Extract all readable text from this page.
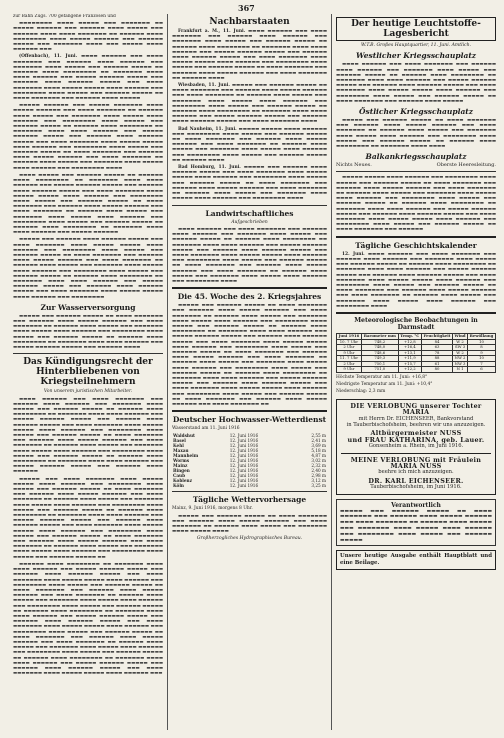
367
zur Bahn Zugs. 700 gefangene Franzosen und
▬▬▬▬▬▬▬▬ ▬▬▬▬ ▬▬▬▬▬ ▬▬▬ ▬▬▬▬▬▬▬ ▬▬ ▬▬▬▬▬ ▬▬▬▬▬▬ ▬▬▬ ▬▬▬▬▬▬ ▬▬▬▬ ▬▬▬▬▬ ▬▬▬ ▬▬▬▬▬▬ ▬▬▬▬ ▬▬▬▬ ▬▬▬▬▬▬▬ ▬▬ ▬▬▬▬▬▬ ▬▬▬▬ ▬▬▬▬▬▬▬▬ ▬▬▬▬ ▬▬▬▬▬ ▬▬▬▬▬▬ ▬▬▬ ▬▬▬▬▬▬ ▬▬▬▬▬ ▬▬▬ ▬▬▬▬▬▬▬ ▬▬▬▬ ▬▬▬ ▬▬▬▬▬ ▬▬▬▬ ▬▬▬▬▬▬ ▬▬▬
(Offenbach), 11. Juni. ▬▬▬▬ ▬▬▬▬▬▬ ▬▬▬ ▬▬▬▬ ▬▬▬▬▬▬▬ ▬▬▬ ▬▬▬▬▬▬ ▬▬▬▬ ▬▬▬▬▬▬ ▬▬▬ ▬▬▬▬▬▬▬ ▬▬▬▬ ▬▬▬▬▬ ▬▬▬ ▬▬▬▬▬▬ ▬▬▬▬▬ ▬▬ ▬▬▬▬▬▬ ▬▬▬▬ ▬▬▬▬▬▬▬▬ ▬▬ ▬▬▬▬▬▬▬ ▬▬▬▬ ▬▬▬▬ ▬▬▬▬▬▬ ▬▬▬ ▬▬▬▬▬ ▬▬▬▬▬▬ ▬▬▬▬▬ ▬▬▬ ▬▬▬▬▬▬ ▬▬▬▬ ▬▬▬▬▬▬ ▬▬▬▬▬ ▬▬▬ ▬▬▬▬ ▬▬▬▬▬▬▬ ▬▬▬▬ ▬▬▬▬▬ ▬▬▬▬▬ ▬▬▬▬ ▬▬▬▬▬▬ ▬▬▬ ▬▬▬▬▬▬▬▬ ▬▬▬▬ ▬▬▬▬▬ ▬▬▬ ▬▬▬▬▬▬ ▬▬▬▬▬ ▬▬ ▬▬▬▬ ▬▬▬▬▬▬▬ ▬▬▬ ▬▬▬▬▬▬ ▬▬▬▬ ▬▬▬▬▬
▬▬▬▬▬ ▬▬▬▬▬▬ ▬▬▬ ▬▬▬▬▬ ▬▬▬▬▬▬▬ ▬▬▬▬ ▬▬▬▬▬ ▬▬▬▬▬▬ ▬▬▬ ▬▬▬▬ ▬▬▬▬▬▬▬ ▬▬ ▬▬▬▬▬▬ ▬▬▬▬ ▬▬▬▬▬ ▬▬▬ ▬▬▬▬▬▬▬ ▬▬▬▬ ▬▬▬▬▬ ▬▬▬▬ ▬▬▬▬▬▬ ▬▬▬ ▬▬▬▬▬▬▬▬ ▬▬▬▬ ▬▬▬▬▬ ▬▬▬ ▬▬▬▬▬▬ ▬▬▬▬▬ ▬▬ ▬▬▬▬▬▬ ▬▬▬▬ ▬▬▬▬▬▬▬▬ ▬▬ ▬▬▬▬▬▬▬ ▬▬▬▬ ▬▬▬▬ ▬▬▬▬▬▬ ▬▬▬ ▬▬▬▬▬ ▬▬▬▬▬▬ ▬▬▬▬▬ ▬▬▬ ▬▬▬▬▬▬ ▬▬▬▬ ▬▬▬▬▬▬ ▬▬▬▬▬ ▬▬▬ ▬▬▬▬ ▬▬▬▬▬▬▬ ▬▬▬▬ ▬▬▬▬▬ ▬▬▬▬▬ ▬▬▬▬ ▬▬▬▬▬▬ ▬▬▬ ▬▬▬▬▬▬▬▬ ▬▬▬▬ ▬▬▬▬▬ ▬▬▬ ▬▬▬▬▬▬ ▬▬▬▬▬ ▬▬ ▬▬▬▬ ▬▬▬▬▬▬▬ ▬▬▬ ▬▬▬▬▬▬ ▬▬▬▬ ▬▬▬▬▬ ▬▬▬▬▬▬ ▬▬▬ ▬▬▬▬ ▬▬▬▬▬▬▬ ▬▬ ▬▬▬▬▬▬ ▬▬▬▬ ▬▬▬▬▬ ▬▬▬ ▬▬▬▬▬▬▬ ▬▬▬▬ ▬▬▬▬▬ ▬▬▬▬ ▬▬▬▬▬▬ ▬▬▬ ▬▬▬▬▬▬▬▬ ▬▬▬▬
▬▬▬▬ ▬▬▬▬▬ ▬▬▬ ▬▬▬▬▬▬ ▬▬▬▬▬ ▬▬ ▬▬▬▬▬▬ ▬▬▬▬ ▬▬▬▬▬▬▬▬ ▬▬ ▬▬▬▬▬▬▬ ▬▬▬▬ ▬▬▬▬ ▬▬▬▬▬▬ ▬▬▬ ▬▬▬▬▬ ▬▬▬▬▬▬ ▬▬▬▬▬ ▬▬▬ ▬▬▬▬▬▬ ▬▬▬▬ ▬▬▬▬▬▬ ▬▬▬▬▬ ▬▬▬ ▬▬▬▬ ▬▬▬▬▬▬▬ ▬▬▬▬ ▬▬▬▬▬ ▬▬▬▬▬ ▬▬▬▬ ▬▬▬▬▬▬ ▬▬▬ ▬▬▬▬▬▬▬▬ ▬▬▬▬ ▬▬▬▬▬ ▬▬▬ ▬▬▬▬▬▬ ▬▬▬▬▬ ▬▬ ▬▬▬▬ ▬▬▬▬▬▬▬ ▬▬▬ ▬▬▬▬▬▬ ▬▬▬▬ ▬▬▬▬▬ ▬▬▬▬▬▬ ▬▬▬ ▬▬▬▬ ▬▬▬▬▬▬▬ ▬▬ ▬▬▬▬▬▬ ▬▬▬▬ ▬▬▬▬▬ ▬▬▬ ▬▬▬▬▬▬▬ ▬▬▬▬ ▬▬▬▬▬ ▬▬▬▬ ▬▬▬▬▬▬ ▬▬▬ ▬▬▬▬▬▬▬▬ ▬▬▬▬ ▬▬▬▬▬ ▬▬▬ ▬▬▬▬▬▬ ▬▬▬▬▬ ▬▬ ▬▬▬▬▬▬ ▬▬▬▬ ▬▬▬▬▬▬▬▬ ▬▬ ▬▬▬▬▬▬▬ ▬▬▬▬ ▬▬▬▬ ▬▬▬▬▬▬ ▬▬▬ ▬▬▬▬▬ ▬▬▬▬▬▬
▬▬▬▬▬ ▬▬▬ ▬▬▬▬▬▬ ▬▬▬▬ ▬▬▬▬▬▬ ▬▬▬▬▬ ▬▬▬ ▬▬▬▬ ▬▬▬▬▬▬▬ ▬▬▬▬ ▬▬▬▬▬ ▬▬▬▬▬ ▬▬▬▬ ▬▬▬▬▬▬ ▬▬▬ ▬▬▬▬▬▬▬▬ ▬▬▬▬ ▬▬▬▬▬ ▬▬▬ ▬▬▬▬▬▬ ▬▬▬▬▬ ▬▬ ▬▬▬▬ ▬▬▬▬▬▬▬ ▬▬▬ ▬▬▬▬▬▬ ▬▬▬▬ ▬▬▬▬▬ ▬▬▬▬▬▬ ▬▬▬ ▬▬▬▬ ▬▬▬▬▬▬▬ ▬▬ ▬▬▬▬▬▬ ▬▬▬▬ ▬▬▬▬▬ ▬▬▬ ▬▬▬▬▬▬▬ ▬▬▬▬ ▬▬▬▬▬ ▬▬▬▬ ▬▬▬▬▬▬ ▬▬▬ ▬▬▬▬▬▬▬▬ ▬▬▬▬ ▬▬▬▬▬ ▬▬▬ ▬▬▬▬▬▬ ▬▬▬▬▬ ▬▬ ▬▬▬▬▬▬ ▬▬▬▬ ▬▬▬▬▬▬▬▬ ▬▬ ▬▬▬▬▬▬▬ ▬▬▬▬ ▬▬▬▬ ▬▬▬▬▬▬ ▬▬▬ ▬▬▬▬▬ ▬▬▬▬▬▬ ▬▬▬▬▬ ▬▬▬ ▬▬▬▬▬▬ ▬▬▬▬ ▬▬▬▬▬▬ ▬▬▬▬▬ ▬▬▬ ▬▬▬▬ ▬▬▬▬▬▬▬ ▬▬▬▬ ▬▬▬▬▬ ▬▬▬▬▬ ▬▬▬▬ ▬▬▬▬▬▬ ▬▬▬ ▬▬▬▬▬▬▬▬
Zur Wasserversorgung
▬▬▬▬▬ ▬▬▬ ▬▬▬▬▬▬ ▬▬▬▬▬ ▬▬ ▬▬▬▬ ▬▬▬▬▬▬▬ ▬▬▬ ▬▬▬▬▬▬ ▬▬▬▬ ▬▬▬▬▬ ▬▬▬▬▬▬ ▬▬▬ ▬▬▬▬ ▬▬▬▬▬▬▬ ▬▬ ▬▬▬▬▬▬ ▬▬▬▬ ▬▬▬▬▬ ▬▬▬ ▬▬▬▬▬▬▬ ▬▬▬▬ ▬▬▬▬▬ ▬▬▬▬ ▬▬▬▬▬▬ ▬▬▬ ▬▬▬▬▬▬▬▬ ▬▬▬▬ ▬▬▬▬▬ ▬▬▬ ▬▬▬▬▬▬ ▬▬▬▬▬ ▬▬ ▬▬▬▬▬▬ ▬▬▬▬ ▬▬▬▬▬▬▬▬ ▬▬ ▬▬▬▬▬▬▬ ▬▬▬▬ ▬▬▬▬ ▬▬▬▬▬▬ ▬▬▬ ▬▬▬▬▬ ▬▬▬▬▬▬ ▬▬▬▬▬ ▬▬▬ ▬▬▬▬▬▬ ▬▬▬▬
Das Kündigungsrecht der Hinterbliebenen von Kriegsteilnehmern
Von unserem juristischen Mitarbeiter.
▬▬▬▬ ▬▬▬▬▬▬ ▬▬▬ ▬▬▬▬ ▬▬▬▬▬▬▬ ▬▬▬ ▬▬▬▬▬▬ ▬▬▬▬ ▬▬▬▬▬▬ ▬▬▬ ▬▬▬▬▬▬▬ ▬▬▬▬ ▬▬▬▬▬ ▬▬▬ ▬▬▬▬▬▬ ▬▬▬▬▬ ▬▬ ▬▬▬▬▬▬ ▬▬▬▬ ▬▬▬▬▬▬▬▬ ▬▬ ▬▬▬▬▬▬▬ ▬▬▬▬ ▬▬▬▬ ▬▬▬▬▬▬ ▬▬▬ ▬▬▬▬▬ ▬▬▬▬▬▬ ▬▬▬▬▬ ▬▬▬ ▬▬▬▬▬▬ ▬▬▬▬ ▬▬▬▬▬▬ ▬▬▬▬▬ ▬▬▬ ▬▬▬▬ ▬▬▬▬▬▬▬ ▬▬▬▬ ▬▬▬▬▬ ▬▬▬▬▬ ▬▬▬▬ ▬▬▬▬▬▬ ▬▬▬ ▬▬▬▬▬▬▬▬ ▬▬▬▬ ▬▬▬▬▬ ▬▬▬ ▬▬▬▬▬▬ ▬▬▬▬▬ ▬▬ ▬▬▬▬ ▬▬▬▬▬▬▬ ▬▬▬ ▬▬▬▬▬▬ ▬▬▬▬ ▬▬▬▬▬ ▬▬▬▬▬▬ ▬▬▬ ▬▬▬▬ ▬▬▬▬▬▬▬ ▬▬ ▬▬▬▬▬▬ ▬▬▬▬ ▬▬▬▬▬ ▬▬▬ ▬▬▬▬▬▬▬ ▬▬▬▬ ▬▬▬▬▬ ▬▬▬▬ ▬▬▬▬▬▬ ▬▬▬ ▬▬▬▬▬▬▬▬ ▬▬▬▬ ▬▬▬▬▬ ▬▬▬ ▬▬▬▬▬▬ ▬▬▬▬▬ ▬▬ ▬▬▬▬▬▬ ▬▬▬▬ ▬▬▬▬▬▬▬▬ ▬▬ ▬▬▬▬▬▬▬ ▬▬▬▬ ▬▬▬▬ ▬▬▬▬▬▬ ▬▬▬ ▬▬▬▬▬ ▬▬▬▬▬▬ ▬▬▬▬▬ ▬▬▬ ▬▬▬▬▬▬ ▬▬▬▬ ▬▬▬▬▬▬
▬▬▬▬▬ ▬▬▬ ▬▬▬▬ ▬▬▬▬▬▬▬ ▬▬▬▬ ▬▬▬▬▬ ▬▬▬▬▬ ▬▬▬▬ ▬▬▬▬▬▬ ▬▬▬ ▬▬▬▬▬▬▬▬ ▬▬▬▬ ▬▬▬▬▬ ▬▬▬ ▬▬▬▬▬▬ ▬▬▬▬▬ ▬▬ ▬▬▬▬ ▬▬▬▬▬▬▬ ▬▬▬ ▬▬▬▬▬▬ ▬▬▬▬ ▬▬▬▬▬ ▬▬▬▬▬▬ ▬▬▬ ▬▬▬▬ ▬▬▬▬▬▬▬ ▬▬ ▬▬▬▬▬▬ ▬▬▬▬ ▬▬▬▬▬ ▬▬▬ ▬▬▬▬▬▬▬ ▬▬▬▬ ▬▬▬▬▬ ▬▬▬▬ ▬▬▬▬▬▬ ▬▬▬ ▬▬▬▬▬▬▬▬ ▬▬▬▬ ▬▬▬▬▬ ▬▬▬ ▬▬▬▬▬▬ ▬▬▬▬▬ ▬▬ ▬▬▬▬▬▬ ▬▬▬▬ ▬▬▬▬▬▬▬▬ ▬▬ ▬▬▬▬▬▬▬ ▬▬▬▬ ▬▬▬▬ ▬▬▬▬▬▬ ▬▬▬ ▬▬▬▬▬ ▬▬▬▬▬▬ ▬▬▬▬▬ ▬▬▬ ▬▬▬▬▬▬ ▬▬▬▬ ▬▬▬▬▬▬ ▬▬▬▬▬ ▬▬▬ ▬▬▬▬ ▬▬▬▬▬▬▬ ▬▬▬▬ ▬▬▬▬▬ ▬▬▬▬▬ ▬▬▬▬ ▬▬▬▬▬▬ ▬▬▬ ▬▬▬▬▬▬▬▬ ▬▬▬▬ ▬▬▬▬▬ ▬▬▬ ▬▬▬▬▬▬ ▬▬▬▬▬ ▬▬ ▬▬▬▬ ▬▬▬▬▬▬▬ ▬▬▬ ▬▬▬▬▬▬ ▬▬▬▬ ▬▬▬▬▬ ▬▬▬▬▬▬ ▬▬▬ ▬▬▬▬ ▬▬▬▬▬▬▬ ▬▬ ▬▬▬▬▬▬ ▬▬▬▬ ▬▬▬▬▬ ▬▬▬ ▬▬▬▬▬▬▬ ▬▬▬▬ ▬▬▬▬▬ ▬▬▬▬ ▬▬▬▬▬▬ ▬▬▬ ▬▬▬▬▬▬▬▬ ▬▬▬▬ ▬▬▬▬▬ ▬▬▬ ▬▬▬▬▬▬ ▬▬▬▬▬ ▬▬
▬▬▬▬▬▬ ▬▬▬▬ ▬▬▬▬▬▬▬▬ ▬▬ ▬▬▬▬▬▬▬ ▬▬▬▬ ▬▬▬▬ ▬▬▬▬▬▬ ▬▬▬ ▬▬▬▬▬ ▬▬▬▬▬▬ ▬▬▬▬▬ ▬▬▬ ▬▬▬▬▬▬ ▬▬▬▬ ▬▬▬▬▬▬ ▬▬▬▬▬ ▬▬▬ ▬▬▬▬ ▬▬▬▬▬▬▬ ▬▬▬▬ ▬▬▬▬▬ ▬▬▬▬▬ ▬▬▬▬ ▬▬▬▬▬▬ ▬▬▬ ▬▬▬▬▬▬▬▬ ▬▬▬▬ ▬▬▬▬▬ ▬▬▬ ▬▬▬▬▬▬ ▬▬▬▬▬ ▬▬ ▬▬▬▬ ▬▬▬▬▬▬▬ ▬▬▬ ▬▬▬▬▬▬ ▬▬▬▬ ▬▬▬▬▬ ▬▬▬▬▬▬ ▬▬▬ ▬▬▬▬ ▬▬▬▬▬▬▬ ▬▬ ▬▬▬▬▬▬ ▬▬▬▬ ▬▬▬▬▬ ▬▬▬ ▬▬▬▬▬▬▬ ▬▬▬▬ ▬▬▬▬▬ ▬▬▬▬ ▬▬▬▬▬▬ ▬▬▬ ▬▬▬▬▬▬▬▬ ▬▬▬▬ ▬▬▬▬▬ ▬▬▬ ▬▬▬▬▬▬ ▬▬▬▬▬ ▬▬ ▬▬▬▬▬▬ ▬▬▬▬ ▬▬▬▬▬▬▬▬ ▬▬ ▬▬▬▬▬▬▬ ▬▬▬▬ ▬▬▬▬ ▬▬▬▬▬▬ ▬▬▬ ▬▬▬▬▬ ▬▬▬▬▬▬ ▬▬▬▬▬ ▬▬▬ ▬▬▬▬▬▬ ▬▬▬▬ ▬▬▬▬▬▬ ▬▬▬▬▬ ▬▬▬ ▬▬▬▬ ▬▬▬▬▬▬▬ ▬▬▬▬ ▬▬▬▬▬ ▬▬▬▬▬ ▬▬▬▬ ▬▬▬▬▬▬ ▬▬▬ ▬▬▬▬▬▬▬▬ ▬▬▬▬ ▬▬▬▬▬ ▬▬▬ ▬▬▬▬▬▬ ▬▬▬▬▬ ▬▬ ▬▬▬▬ ▬▬▬▬▬▬▬ ▬▬▬ ▬▬▬▬▬▬ ▬▬▬▬ ▬▬▬▬▬ ▬▬▬▬▬▬ ▬▬▬ ▬▬▬▬ ▬▬▬▬▬▬▬ ▬▬ ▬▬▬▬▬▬ ▬▬▬▬ ▬▬▬▬▬ ▬▬▬ ▬▬▬▬▬▬▬ ▬▬▬▬ ▬▬▬▬▬ ▬▬▬▬ ▬▬▬▬▬▬ ▬▬▬ ▬▬▬▬▬▬▬▬ ▬▬▬▬ ▬▬▬▬▬ ▬▬▬ ▬▬▬▬▬▬ ▬▬▬▬▬ ▬▬ ▬▬▬▬▬▬ ▬▬▬▬ ▬▬▬▬▬▬▬▬ ▬▬ ▬▬▬▬▬▬▬ ▬▬▬▬ ▬▬▬▬ ▬▬▬▬▬▬ ▬▬▬ ▬▬▬▬▬ ▬▬▬▬▬▬ ▬▬▬▬▬ ▬▬▬ ▬▬▬▬▬▬ ▬▬▬▬ ▬▬▬▬▬▬ ▬▬▬▬▬ ▬▬▬ ▬▬▬▬ ▬▬▬▬▬▬▬ ▬▬▬▬ ▬▬▬▬▬ ▬▬▬▬▬ ▬▬▬▬ ▬▬▬▬▬▬ ▬▬▬
Nachbarstaaten
Frankfurt a. M., 11. Juni. ▬▬▬▬ ▬▬▬▬▬▬ ▬▬▬ ▬▬▬▬ ▬▬▬▬▬▬▬ ▬▬▬ ▬▬▬▬▬▬ ▬▬▬▬ ▬▬▬▬▬▬ ▬▬▬ ▬▬▬▬▬▬▬ ▬▬▬▬ ▬▬▬▬▬ ▬▬▬ ▬▬▬▬▬▬ ▬▬▬▬▬ ▬▬ ▬▬▬▬▬▬ ▬▬▬▬ ▬▬▬▬▬▬▬▬ ▬▬ ▬▬▬▬▬▬▬ ▬▬▬▬ ▬▬▬▬ ▬▬▬▬▬▬ ▬▬▬ ▬▬▬▬▬ ▬▬▬▬▬▬ ▬▬▬▬▬ ▬▬▬ ▬▬▬▬▬▬ ▬▬▬▬ ▬▬▬▬▬▬ ▬▬▬▬▬ ▬▬▬ ▬▬▬▬ ▬▬▬▬▬▬▬ ▬▬▬▬ ▬▬▬▬▬ ▬▬▬▬▬ ▬▬▬▬ ▬▬▬▬▬▬ ▬▬▬ ▬▬▬▬▬▬▬▬ ▬▬▬▬ ▬▬▬▬▬ ▬▬▬ ▬▬▬▬▬▬ ▬▬▬▬▬ ▬▬ ▬▬▬▬ ▬▬▬▬▬▬▬ ▬▬▬ ▬▬▬▬▬▬ ▬▬▬▬ ▬▬▬▬▬ ▬▬▬▬▬▬ ▬▬▬ ▬▬▬▬ ▬▬▬▬▬▬▬ ▬▬ ▬▬▬▬▬▬ ▬▬▬▬
Wiesbaden, 11. Juni. ▬▬▬▬▬ ▬▬▬ ▬▬▬▬▬▬ ▬▬▬▬▬ ▬▬ ▬▬▬▬ ▬▬▬▬▬▬▬ ▬▬▬ ▬▬▬▬▬▬ ▬▬▬▬ ▬▬▬▬▬ ▬▬▬▬▬▬ ▬▬▬ ▬▬▬▬ ▬▬▬▬▬▬▬ ▬▬ ▬▬▬▬▬▬ ▬▬▬▬ ▬▬▬▬▬ ▬▬▬ ▬▬▬▬▬▬▬ ▬▬▬▬ ▬▬▬▬▬ ▬▬▬▬ ▬▬▬▬▬▬ ▬▬▬ ▬▬▬▬▬▬▬▬ ▬▬▬▬ ▬▬▬▬▬ ▬▬▬ ▬▬▬▬▬▬ ▬▬▬▬▬ ▬▬ ▬▬▬▬▬▬ ▬▬▬▬ ▬▬▬▬▬▬▬▬ ▬▬ ▬▬▬▬▬▬▬ ▬▬▬▬ ▬▬▬▬ ▬▬▬▬▬▬ ▬▬▬ ▬▬▬▬▬ ▬▬▬▬▬▬ ▬▬▬▬▬ ▬▬▬ ▬▬▬▬▬▬ ▬▬▬▬ ▬▬▬▬▬▬ ▬▬▬▬▬ ▬▬▬ ▬▬▬▬ ▬▬▬▬▬▬▬ ▬▬▬▬
Bad Nauheim, 11. Juni. ▬▬▬▬▬ ▬▬▬▬▬ ▬▬▬▬ ▬▬▬▬▬▬ ▬▬▬ ▬▬▬▬▬▬▬▬ ▬▬▬▬ ▬▬▬▬▬ ▬▬▬ ▬▬▬▬▬▬ ▬▬▬▬▬ ▬▬ ▬▬▬▬ ▬▬▬▬▬▬▬ ▬▬▬ ▬▬▬▬▬▬ ▬▬▬▬ ▬▬▬▬▬ ▬▬▬▬▬▬ ▬▬▬ ▬▬▬▬ ▬▬▬▬▬▬▬ ▬▬ ▬▬▬▬▬▬ ▬▬▬▬ ▬▬▬▬▬ ▬▬▬ ▬▬▬▬▬▬▬ ▬▬▬▬ ▬▬▬▬▬ ▬▬▬▬ ▬▬▬▬▬▬ ▬▬▬ ▬▬▬▬▬▬▬▬ ▬▬▬▬ ▬▬▬▬▬ ▬▬▬ ▬▬▬▬▬▬ ▬▬▬▬▬ ▬▬ ▬▬▬▬▬▬ ▬▬▬▬
Bad Homburg, 11. Juni. ▬▬▬▬▬ ▬▬▬ ▬▬▬▬▬▬ ▬▬▬▬ ▬▬▬▬▬▬ ▬▬▬▬▬ ▬▬▬ ▬▬▬▬ ▬▬▬▬▬▬▬ ▬▬▬▬ ▬▬▬▬▬ ▬▬▬▬▬ ▬▬▬▬ ▬▬▬▬▬▬ ▬▬▬ ▬▬▬▬▬▬▬▬ ▬▬▬▬ ▬▬▬▬▬ ▬▬▬ ▬▬▬▬▬▬ ▬▬▬▬▬ ▬▬ ▬▬▬▬ ▬▬▬▬▬▬▬ ▬▬▬ ▬▬▬▬▬▬ ▬▬▬▬ ▬▬▬▬▬ ▬▬▬▬▬▬ ▬▬▬ ▬▬▬▬ ▬▬▬▬▬▬▬ ▬▬ ▬▬▬▬▬▬ ▬▬▬▬ ▬▬▬▬▬ ▬▬▬ ▬▬▬▬▬▬▬ ▬▬▬▬ ▬▬▬▬▬ ▬▬▬▬ ▬▬▬▬▬▬ ▬▬▬ ▬▬▬▬▬▬▬▬ ▬▬▬▬
Landwirtschaftliches
Aufgeschrieben
▬▬▬▬ ▬▬▬▬▬▬ ▬▬▬ ▬▬▬▬ ▬▬▬▬▬▬▬ ▬▬▬ ▬▬▬▬▬▬ ▬▬▬▬ ▬▬▬▬▬▬ ▬▬▬ ▬▬▬▬▬▬▬ ▬▬▬▬ ▬▬▬▬▬ ▬▬▬ ▬▬▬▬▬▬ ▬▬▬▬▬ ▬▬ ▬▬▬▬▬▬ ▬▬▬▬ ▬▬▬▬▬▬▬▬ ▬▬ ▬▬▬▬▬▬▬ ▬▬▬▬ ▬▬▬▬ ▬▬▬▬▬▬ ▬▬▬ ▬▬▬▬▬ ▬▬▬▬▬▬ ▬▬▬▬▬ ▬▬▬ ▬▬▬▬▬▬ ▬▬▬▬ ▬▬▬▬▬▬ ▬▬▬▬▬ ▬▬▬ ▬▬▬▬ ▬▬▬▬▬▬▬ ▬▬▬▬ ▬▬▬▬▬ ▬▬▬▬▬ ▬▬▬▬ ▬▬▬▬▬▬ ▬▬▬ ▬▬▬▬▬▬▬▬ ▬▬▬▬ ▬▬▬▬▬ ▬▬▬ ▬▬▬▬▬▬ ▬▬▬▬▬ ▬▬ ▬▬▬▬ ▬▬▬▬▬▬▬ ▬▬▬ ▬▬▬▬▬▬ ▬▬▬▬ ▬▬▬▬▬ ▬▬▬▬▬▬ ▬▬▬ ▬▬▬▬ ▬▬▬▬▬▬▬ ▬▬ ▬▬▬▬▬▬ ▬▬▬▬ ▬▬▬▬▬ ▬▬▬ ▬▬▬▬▬▬▬ ▬▬▬▬ ▬▬▬▬▬ ▬▬▬▬ ▬▬▬▬▬▬ ▬▬▬ ▬▬▬▬▬▬▬▬ ▬▬▬▬
Die 45. Woche des 2. Kriegsjahres
▬▬▬▬▬ ▬▬▬ ▬▬▬▬▬▬ ▬▬▬▬▬ ▬▬ ▬▬▬▬ ▬▬▬▬▬▬▬ ▬▬▬ ▬▬▬▬▬▬ ▬▬▬▬ ▬▬▬▬▬ ▬▬▬▬▬▬ ▬▬▬ ▬▬▬▬ ▬▬▬▬▬▬▬ ▬▬ ▬▬▬▬▬▬ ▬▬▬▬ ▬▬▬▬▬ ▬▬▬ ▬▬▬▬▬▬▬ ▬▬▬▬ ▬▬▬▬▬ ▬▬▬▬ ▬▬▬▬▬▬ ▬▬▬ ▬▬▬▬▬▬▬▬ ▬▬▬▬ ▬▬▬▬▬ ▬▬▬ ▬▬▬▬▬▬ ▬▬▬▬▬ ▬▬ ▬▬▬▬▬▬ ▬▬▬▬ ▬▬▬▬▬▬▬▬ ▬▬ ▬▬▬▬▬▬▬ ▬▬▬▬ ▬▬▬▬ ▬▬▬▬▬▬ ▬▬▬ ▬▬▬▬▬ ▬▬▬▬▬▬ ▬▬▬▬▬ ▬▬▬ ▬▬▬▬▬▬ ▬▬▬▬ ▬▬▬▬▬▬ ▬▬▬▬▬ ▬▬▬ ▬▬▬▬ ▬▬▬▬▬▬▬ ▬▬▬▬ ▬▬▬▬▬ ▬▬▬▬▬ ▬▬▬▬ ▬▬▬▬▬▬ ▬▬▬ ▬▬▬▬▬▬▬▬ ▬▬▬▬ ▬▬▬▬▬ ▬▬▬ ▬▬▬▬▬▬ ▬▬▬▬▬ ▬▬ ▬▬▬▬ ▬▬▬▬▬▬▬ ▬▬▬ ▬▬▬▬▬▬ ▬▬▬▬ ▬▬▬▬▬ ▬▬▬▬▬▬ ▬▬▬ ▬▬▬▬ ▬▬▬▬▬▬▬ ▬▬ ▬▬▬▬▬▬ ▬▬▬▬ ▬▬▬▬▬ ▬▬▬ ▬▬▬▬▬▬▬ ▬▬▬▬ ▬▬▬▬▬ ▬▬▬▬ ▬▬▬▬▬▬ ▬▬▬ ▬▬▬▬▬▬▬▬ ▬▬▬▬ ▬▬▬▬▬ ▬▬▬ ▬▬▬▬▬▬ ▬▬▬▬▬ ▬▬ ▬▬▬▬▬▬ ▬▬▬▬ ▬▬▬▬▬▬▬▬ ▬▬ ▬▬▬▬▬▬▬ ▬▬▬▬ ▬▬▬▬ ▬▬▬▬▬▬ ▬▬▬ ▬▬▬▬▬ ▬▬▬▬▬▬ ▬▬▬▬▬ ▬▬▬ ▬▬▬▬▬▬ ▬▬▬▬ ▬▬▬▬▬▬ ▬▬▬▬▬ ▬▬▬ ▬▬▬▬ ▬▬▬▬▬▬▬ ▬▬▬▬ ▬▬▬▬▬ ▬▬▬▬▬ ▬▬▬▬ ▬▬▬▬▬▬ ▬▬▬ ▬▬▬▬▬▬▬▬ ▬▬▬▬ ▬▬▬▬▬ ▬▬▬ ▬▬▬▬▬▬ ▬▬▬▬▬ ▬▬ ▬▬▬▬ ▬▬▬▬▬▬▬ ▬▬▬ ▬▬▬▬▬▬ ▬▬▬▬ ▬▬▬▬▬ ▬▬▬▬▬▬ ▬▬▬ ▬▬▬▬ ▬▬▬▬▬▬▬ ▬▬
Deutscher Hochwasser-Wetterdienst
Wasserstand am 11. Juni 1916
Waldshut	12. Juni 1916	2,55 m
Basel	12. Juni 1916	2,41 m
Kehl	12. Juni 1916	3,69 m
Maxau	12. Juni 1916	5,18 m
Mannheim	12. Juni 1916	4,87 m
Worms	12. Juni 1916	3,02 m
Mainz	12. Juni 1916	2,32 m
Bingen	12. Juni 1916	2,40 m
Caub	12. Juni 1916	2,98 m
Koblenz	12. Juni 1916	3,12 m
Köln	12. Juni 1916	3,25 m
Tägliche Wettervorhersage
Mainz, 9. Juni 1916, morgens 8 Uhr.
▬▬▬▬▬ ▬▬▬ ▬▬▬▬▬▬ ▬▬▬▬▬ ▬▬ ▬▬▬▬ ▬▬▬▬▬▬▬ ▬▬▬ ▬▬▬▬▬▬ ▬▬▬▬ ▬▬▬▬▬ ▬▬▬▬▬▬ ▬▬▬ ▬▬▬▬ ▬▬▬▬▬▬▬ ▬▬ ▬▬▬▬▬▬ ▬▬▬▬ ▬▬▬▬▬ ▬▬▬ ▬▬▬▬▬▬▬ ▬▬▬▬ ▬▬▬▬▬ ▬▬▬▬
Großherzogliches Hydrographisches Bureau.
Der heutige Leuchtstoffe-Lagesbericht
W.T.B. Großes Hauptquartier, 11. Juni. Amtlich.
Westlicher Kriegsschauplatz
▬▬▬▬ ▬▬▬▬▬▬ ▬▬▬ ▬▬▬▬ ▬▬▬▬▬▬▬ ▬▬▬ ▬▬▬▬▬▬ ▬▬▬▬ ▬▬▬▬▬▬ ▬▬▬ ▬▬▬▬▬▬▬ ▬▬▬▬ ▬▬▬▬▬ ▬▬▬ ▬▬▬▬▬▬ ▬▬▬▬▬ ▬▬ ▬▬▬▬▬▬ ▬▬▬▬ ▬▬▬▬▬▬▬▬ ▬▬ ▬▬▬▬▬▬▬ ▬▬▬▬ ▬▬▬▬ ▬▬▬▬▬▬ ▬▬▬ ▬▬▬▬▬ ▬▬▬▬▬▬ ▬▬▬▬▬ ▬▬▬ ▬▬▬▬▬▬ ▬▬▬▬ ▬▬▬▬▬▬ ▬▬▬▬▬ ▬▬▬ ▬▬▬▬ ▬▬▬▬▬▬▬ ▬▬▬▬ ▬▬▬▬▬ ▬▬▬▬▬ ▬▬▬▬ ▬▬▬▬▬▬ ▬▬▬ ▬▬▬▬▬▬▬▬ ▬▬▬▬ ▬▬▬▬▬ ▬▬▬ ▬▬▬▬▬▬ ▬▬▬▬▬ ▬▬ ▬▬▬▬ ▬▬▬▬▬▬▬ ▬▬▬ ▬▬▬▬▬▬ ▬▬▬▬ ▬▬▬▬▬
Östlicher Kriegsschauplatz
▬▬▬▬▬ ▬▬▬ ▬▬▬▬▬▬ ▬▬▬▬▬ ▬▬ ▬▬▬▬ ▬▬▬▬▬▬▬ ▬▬▬ ▬▬▬▬▬▬ ▬▬▬▬ ▬▬▬▬▬ ▬▬▬▬▬▬ ▬▬▬ ▬▬▬▬ ▬▬▬▬▬▬▬ ▬▬ ▬▬▬▬▬▬ ▬▬▬▬ ▬▬▬▬▬ ▬▬▬ ▬▬▬▬▬▬▬ ▬▬▬▬ ▬▬▬▬▬ ▬▬▬▬ ▬▬▬▬▬▬ ▬▬▬ ▬▬▬▬▬▬▬▬ ▬▬▬▬ ▬▬▬▬▬ ▬▬▬ ▬▬▬▬▬▬ ▬▬▬▬▬ ▬▬ ▬▬▬▬▬▬ ▬▬▬▬ ▬▬▬▬▬▬▬▬ ▬▬ ▬▬▬▬▬▬▬ ▬▬▬▬ ▬▬▬▬
Balkankriegsschauplatz
Nichts Neues.	Oberste Heeresleitung.
▬▬▬▬▬ ▬▬▬▬▬ ▬▬▬▬ ▬▬▬▬▬▬ ▬▬▬ ▬▬▬▬▬▬▬▬ ▬▬▬▬ ▬▬▬▬▬ ▬▬▬ ▬▬▬▬▬▬ ▬▬▬▬▬ ▬▬ ▬▬▬▬ ▬▬▬▬▬▬▬ ▬▬▬ ▬▬▬▬▬▬ ▬▬▬▬ ▬▬▬▬▬ ▬▬▬▬▬▬ ▬▬▬ ▬▬▬▬ ▬▬▬▬▬▬▬ ▬▬ ▬▬▬▬▬▬ ▬▬▬▬ ▬▬▬▬▬ ▬▬▬ ▬▬▬▬▬▬▬ ▬▬▬▬ ▬▬▬▬▬ ▬▬▬▬ ▬▬▬▬▬▬ ▬▬▬ ▬▬▬▬▬▬▬▬ ▬▬▬▬ ▬▬▬▬▬ ▬▬▬ ▬▬▬▬▬▬ ▬▬▬▬▬ ▬▬ ▬▬▬▬▬▬ ▬▬▬▬ ▬▬▬▬▬▬▬▬ ▬▬ ▬▬▬▬▬▬▬ ▬▬▬▬ ▬▬▬▬ ▬▬▬▬▬▬ ▬▬▬ ▬▬▬▬▬ ▬▬▬▬▬▬ ▬▬▬▬▬ ▬▬▬ ▬▬▬▬▬▬ ▬▬▬▬ ▬▬▬▬▬▬ ▬▬▬▬▬ ▬▬▬ ▬▬▬▬ ▬▬▬▬▬▬▬ ▬▬▬▬ ▬▬▬▬▬ ▬▬▬▬▬ ▬▬▬▬ ▬▬▬▬▬▬ ▬▬▬ ▬▬▬▬▬▬▬▬ ▬▬▬▬ ▬▬▬▬▬ ▬▬▬ ▬▬▬▬▬▬ ▬▬▬▬▬ ▬▬ ▬▬▬▬ ▬▬▬▬▬▬▬ ▬▬▬ ▬▬▬▬▬▬
Tägliche Geschichtskalender
12. Juni. ▬▬▬▬ ▬▬▬▬▬▬ ▬▬▬ ▬▬▬▬ ▬▬▬▬▬▬▬ ▬▬▬ ▬▬▬▬▬▬ ▬▬▬▬ ▬▬▬▬▬▬ ▬▬▬ ▬▬▬▬▬▬▬ ▬▬▬▬ ▬▬▬▬▬ ▬▬▬ ▬▬▬▬▬▬ ▬▬▬▬▬ ▬▬ ▬▬▬▬▬▬ ▬▬▬▬ ▬▬▬▬▬▬▬▬ ▬▬ ▬▬▬▬▬▬▬ ▬▬▬▬ ▬▬▬▬ ▬▬▬▬▬▬ ▬▬▬ ▬▬▬▬▬ ▬▬▬▬▬▬ ▬▬▬▬▬ ▬▬▬ ▬▬▬▬▬▬ ▬▬▬▬ ▬▬▬▬▬▬ ▬▬▬▬▬ ▬▬▬ ▬▬▬▬ ▬▬▬▬▬▬▬ ▬▬▬▬ ▬▬▬▬▬ ▬▬▬▬▬ ▬▬▬▬ ▬▬▬▬▬▬ ▬▬▬ ▬▬▬▬▬▬▬▬ ▬▬▬▬ ▬▬▬▬▬ ▬▬▬ ▬▬▬▬▬▬ ▬▬▬▬▬ ▬▬ ▬▬▬▬ ▬▬▬▬▬▬▬ ▬▬▬ ▬▬▬▬▬▬ ▬▬▬▬ ▬▬▬▬▬ ▬▬▬▬▬▬ ▬▬▬ ▬▬▬▬ ▬▬▬▬▬▬▬ ▬▬ ▬▬▬▬▬▬ ▬▬▬▬ ▬▬▬▬▬ ▬▬▬ ▬▬▬▬▬▬▬ ▬▬▬▬ ▬▬▬▬▬ ▬▬▬▬ ▬▬▬▬▬▬ ▬▬▬ ▬▬▬▬▬▬▬▬ ▬▬▬▬
Meteorologische Beobachtungen in Darmstadt
Juni 1916	Barometer mm	Temp. °C	Feuchtigkeit	Wind	Bewölkung
10. 7 Uhr	748,2	+12,8	84	W 2	10
2 Uhr	748,0	+16,4	63	SW 3	8
9 Uhr	748,6	+13,1	78	W 2	9
11. 7 Uhr	749,3	+11,9	88	NW 2	10
2 Uhr	750,1	+15,7	61	NW 3	7
9 Uhr	751,0	+12,2	80	N 1	6
Höchste Temperatur am 11. Juni: +16,8°
Niedrigste Temperatur am 11. Juni: +10,4°
Niederschlag: 2,3 mm
DIE VERLOBUNG unserer Tochter MARIA
mit Herrn Dr. EICHENSEER, Bankvorstand
in Tauberbischofsheim, beehren wir uns anzuzeigen.
Altbürgermeister NUSS
und FRAU KATHARINA, geb. Lauer.
Gonsenheim a. Rhein, im Juni 1916.
MEINE VERLOBUNG mit Fräulein MARIA NUSS
beehre ich mich anzuzeigen.
DR. KARL EICHENSEER.
Tauberbischofsheim, im Juni 1916.
Verantwortlich
▬▬▬▬▬ ▬▬▬ ▬▬▬▬▬▬ ▬▬▬▬▬ ▬▬ ▬▬▬▬ ▬▬▬▬▬▬▬ ▬▬▬ ▬▬▬▬▬▬ ▬▬▬▬ ▬▬▬▬▬ ▬▬▬▬▬▬ ▬▬▬ ▬▬▬▬ ▬▬▬▬▬▬▬ ▬▬ ▬▬▬▬▬▬ ▬▬▬▬ ▬▬▬▬▬ ▬▬▬ ▬▬▬▬▬▬▬ ▬▬▬▬ ▬▬▬▬▬ ▬▬▬▬ ▬▬▬▬▬▬ ▬▬▬ ▬▬▬▬▬▬▬▬ ▬▬▬▬ ▬▬▬▬▬ ▬▬▬ ▬▬▬▬▬▬ ▬▬▬▬▬
Unsere heutige Ausgabe enthält Hauptblatt und eine Beilage.
